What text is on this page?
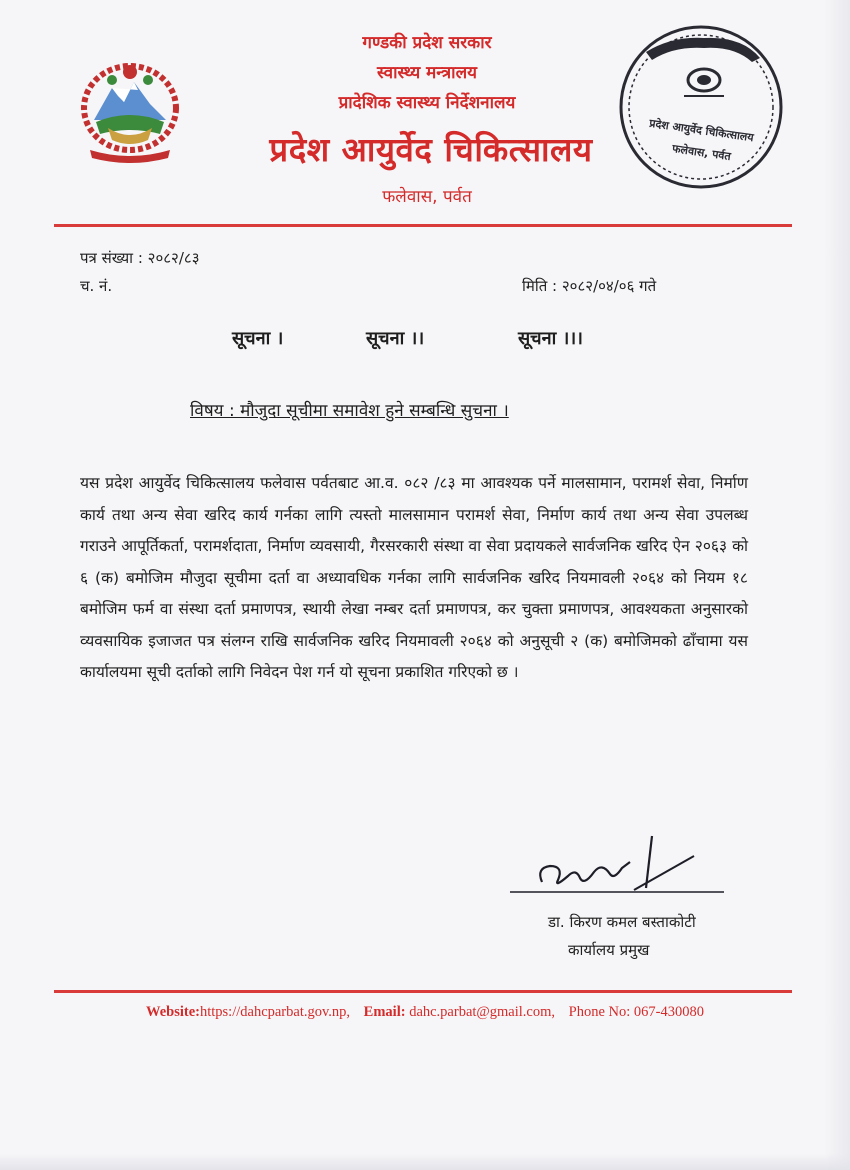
गण्डकी प्रदेश सरकार
स्वास्थ्य मन्त्रालय
प्रादेशिक स्वास्थ्य निर्देशनालय
प्रदेश आयुर्वेद चिकित्सालय
फलेवास, पर्वत
प्रदेश आयुर्वेद चिकित्सालय
फलेवास, पर्वत
पत्र संख्या : २०८२/८३
च. नं.	मिति : २०८२/०४/०६ गते
सूचना ।	सूचना ।।	सूचना ।।।
विषय : मौजुदा सूचीमा समावेश हुने सम्बन्धि सुचना ।

यस प्रदेश आयुर्वेद चिकित्सालय फलेवास पर्वतबाट आ.व. ०८२ /८३ मा आवश्यक पर्ने मालसामान, परामर्श सेवा, निर्माण कार्य तथा अन्य सेवा खरिद कार्य गर्नका लागि त्यस्तो मालसामान परामर्श सेवा, निर्माण कार्य तथा अन्य सेवा उपलब्ध गराउने आपूर्तिकर्ता, परामर्शदाता, निर्माण व्यवसायी, गैरसरकारी संस्था वा सेवा प्रदायकले सार्वजनिक खरिद ऐन २०६३ को ६ (क) बमोजिम मौजुदा सूचीमा दर्ता वा अध्यावधिक गर्नका लागि सार्वजनिक खरिद नियमावली २०६४ को नियम १८ बमोजिम फर्म वा संस्था दर्ता प्रमाणपत्र, स्थायी लेखा नम्बर दर्ता प्रमाणपत्र, कर चुक्ता प्रमाणपत्र, आवश्यकता अनुसारको व्यवसायिक इजाजत पत्र संलग्न राखि सार्वजनिक खरिद नियमावली २०६४ को अनुसूची २ (क) बमोजिमको ढाँचामा यस कार्यालयमा सूची दर्ताको लागि निवेदन पेश गर्न यो सूचना प्रकाशित गरिएको छ ।

डा. किरण कमल बस्ताकोटी
कार्यालय प्रमुख
Website:https://dahcparbat.gov.np, Email: dahc.parbat@gmail.com, Phone No: 067-430080
